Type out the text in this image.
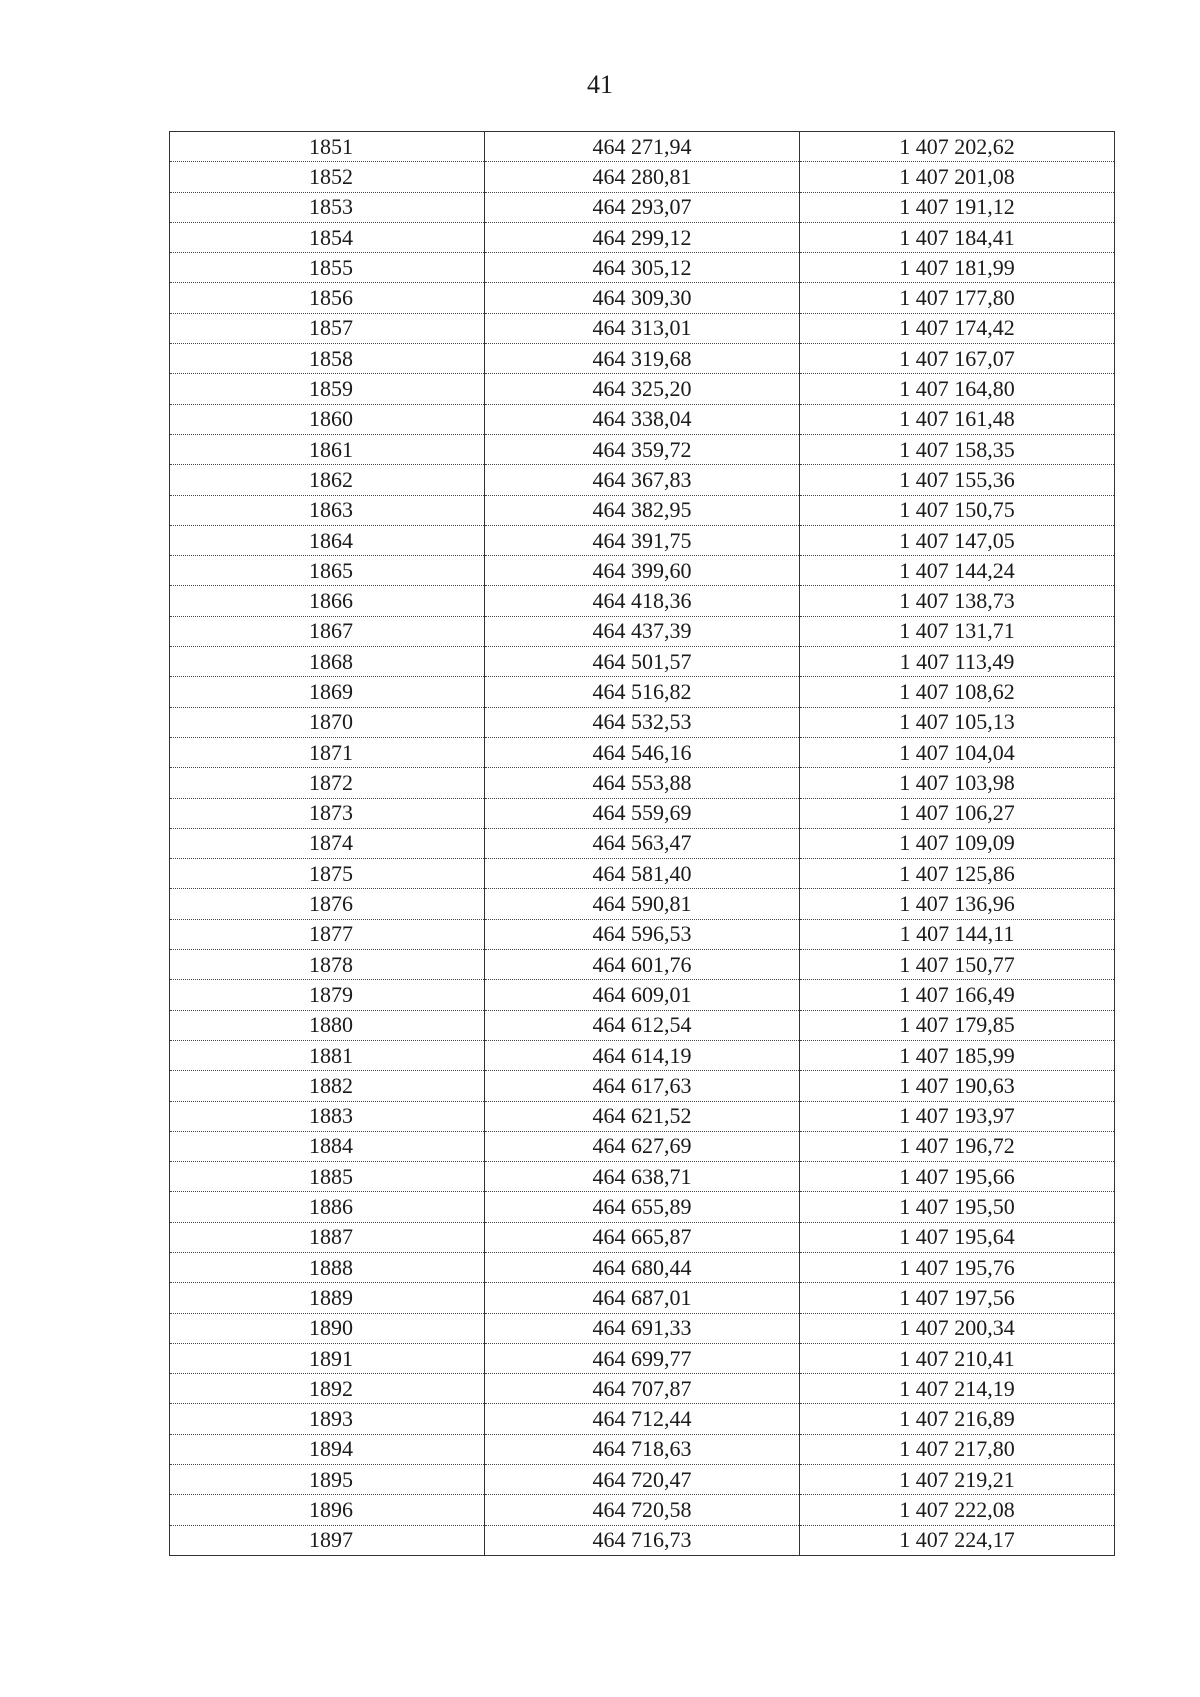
41
1851	464 271,94	1 407 202,62
1852	464 280,81	1 407 201,08
1853	464 293,07	1 407 191,12
1854	464 299,12	1 407 184,41
1855	464 305,12	1 407 181,99
1856	464 309,30	1 407 177,80
1857	464 313,01	1 407 174,42
1858	464 319,68	1 407 167,07
1859	464 325,20	1 407 164,80
1860	464 338,04	1 407 161,48
1861	464 359,72	1 407 158,35
1862	464 367,83	1 407 155,36
1863	464 382,95	1 407 150,75
1864	464 391,75	1 407 147,05
1865	464 399,60	1 407 144,24
1866	464 418,36	1 407 138,73
1867	464 437,39	1 407 131,71
1868	464 501,57	1 407 113,49
1869	464 516,82	1 407 108,62
1870	464 532,53	1 407 105,13
1871	464 546,16	1 407 104,04
1872	464 553,88	1 407 103,98
1873	464 559,69	1 407 106,27
1874	464 563,47	1 407 109,09
1875	464 581,40	1 407 125,86
1876	464 590,81	1 407 136,96
1877	464 596,53	1 407 144,11
1878	464 601,76	1 407 150,77
1879	464 609,01	1 407 166,49
1880	464 612,54	1 407 179,85
1881	464 614,19	1 407 185,99
1882	464 617,63	1 407 190,63
1883	464 621,52	1 407 193,97
1884	464 627,69	1 407 196,72
1885	464 638,71	1 407 195,66
1886	464 655,89	1 407 195,50
1887	464 665,87	1 407 195,64
1888	464 680,44	1 407 195,76
1889	464 687,01	1 407 197,56
1890	464 691,33	1 407 200,34
1891	464 699,77	1 407 210,41
1892	464 707,87	1 407 214,19
1893	464 712,44	1 407 216,89
1894	464 718,63	1 407 217,80
1895	464 720,47	1 407 219,21
1896	464 720,58	1 407 222,08
1897	464 716,73	1 407 224,17
